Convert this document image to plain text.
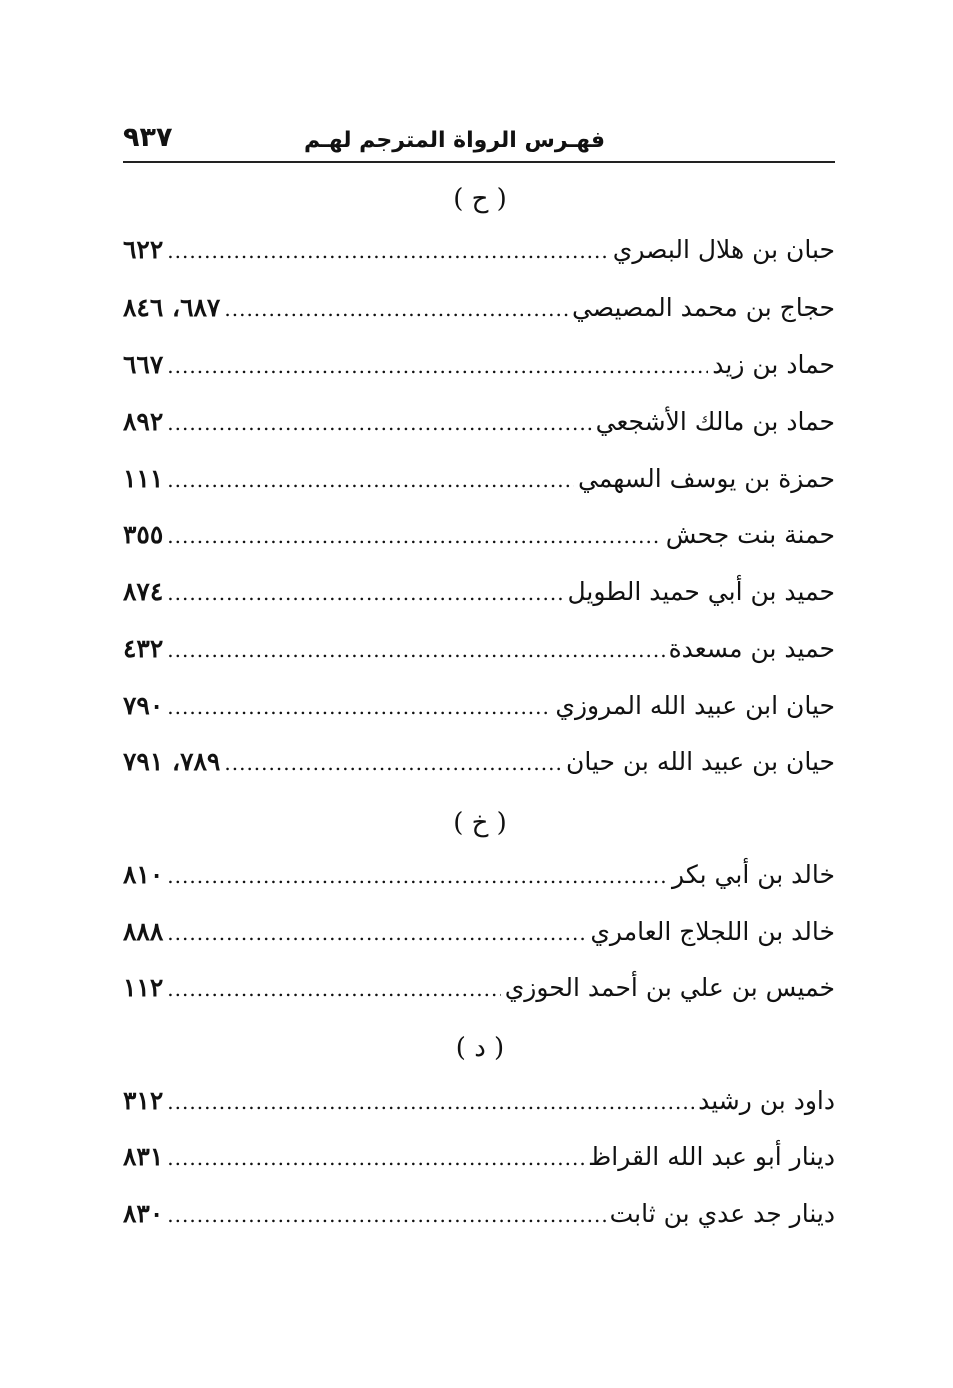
فهـرس الرواة المترجم لهـم
٩٣٧
( ح )
حبان بن هلال البصري
.....
٦٢٢
حجاج بن محمد المصيصي
.....
٦٨٧، ٨٤٦
حماد بن زيد
.....
٦٦٧
حماد بن مالك الأشجعي
.....
٨٩٢
حمزة بن يوسف السهمي
.....
١١١
حمنة بنت جحش
.....
٣٥٥
حميد بن أبي حميد الطويل
.....
٨٧٤
حميد بن مسعدة
.....
٤٣٢
حيان ابن عبيد الله المروزي
.....
٧٩٠
حيان بن عبيد الله بن حيان
.....
٧٨٩، ٧٩١
( خ )
خالد بن أبي بكر
.....
٨١٠
خالد بن اللجلاج العامري
.....
٨٨٨
خميس بن علي بن أحمد الحوزي
.....
١١٢
( د )
داود بن رشيد
.....
٣١٢
دينار أبو عبد الله القراظ
.....
٨٣١
دينار جد عدي بن ثابت
.....
٨٣٠
